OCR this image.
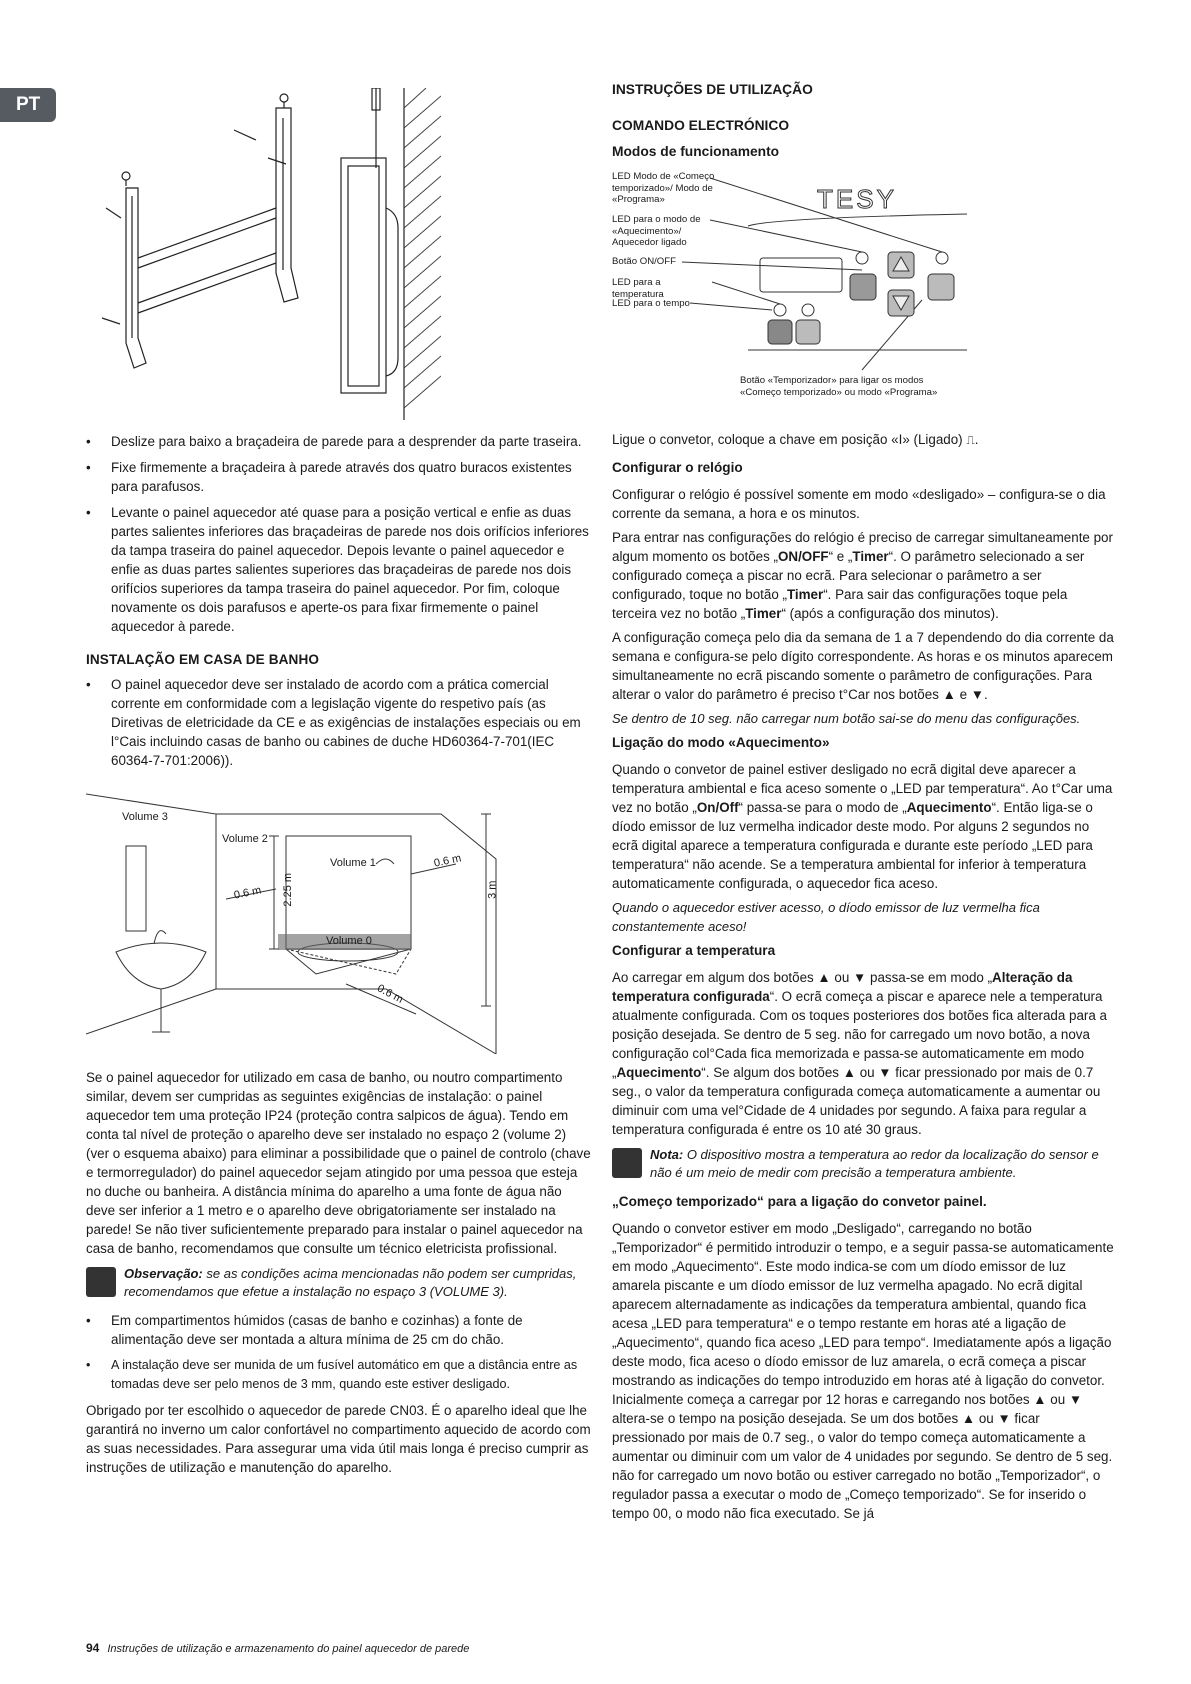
PT
TESY
LED Modo de «Começo temporizado»/ Modo de «Programa»
LED para o modo de «Aquecimento»/ Aquecedor ligado
Botão ON/OFF
LED para a temperatura
LED para o tempo
Botão «Temporizador» para ligar os modos «Começo temporizado» ou modo «Programa»
INSTRUÇÕES DE UTILIZAÇÃO
COMANDO ELECTRÓNICO
Modos de funcionamento
• Deslize para baixo a braçadeira de parede para a desprender da parte traseira.
• Fixe firmemente a braçadeira à parede através dos quatro buracos existentes para parafusos.
• Levante o painel aquecedor até quase para a posição vertical e enfie as duas partes salientes inferiores das braçadeiras de parede nos dois orifícios inferiores da tampa traseira do painel aquecedor. Depois levante o painel aquecedor e enfie as duas partes salientes superiores das braçadeiras de parede nos dois orifícios superiores da tampa traseira do painel aquecedor. Por fim, coloque novamente os dois parafusos e aperte-os para fixar firmemente o painel aquecedor à parede.
INSTALAÇÃO EM CASA DE BANHO
• O painel aquecedor deve ser instalado de acordo com a prática comercial corrente em conformidade com a legislação vigente do respetivo país (as Diretivas de eletricidade da CE e as exigências de instalações especiais ou em l°Cais incluindo casas de banho ou cabines de duche HD60364-7-701(IEC 60364-7-701:2006)).
Volume 3
Volume 2
Volume 1
Volume 0
0.6 m
0.6 m
0.6 m
2.25 m	3 m

Se o painel aquecedor for utilizado em casa de banho, ou noutro compartimento similar, devem ser cumpridas as seguintes exigências de instalação: o painel aquecedor tem uma proteção IP24 (proteção contra salpicos de água). Tendo em conta tal nível de proteção o aparelho deve ser instalado no espaço 2 (volume 2) (ver o esquema abaixo) para eliminar a possibilidade que o painel de controlo (chave e termorregulador) do painel aquecedor sejam atingido por uma pessoa que esteja no duche ou banheira. A distância mínima do aparelho a uma fonte de água não deve ser inferior a 1 metro e o aparelho deve obrigatoriamente ser instalado na parede! Se não tiver suficientemente preparado para instalar o painel aquecedor na casa de banho, recomendamos que consulte um técnico eletricista profissional.

Observação: se as condições acima mencionadas não podem ser cumpridas, recomendamos que efetue a instalação no espaço 3 (VOLUME 3).
• Em compartimentos húmidos (casas de banho e cozinhas) a fonte de alimentação deve ser montada a altura mínima de 25 cm do chão.
• A instalação deve ser munida de um fusível automático em que a distância entre as tomadas deve ser pelo menos de 3 mm, quando este estiver desligado.

Obrigado por ter escolhido o aquecedor de parede CN03. É o aparelho ideal que lhe garantirá no inverno um calor confortável no compartimento aquecido de acordo com as suas necessidades. Para assegurar uma vida útil mais longa é preciso cumprir as instruções de utilização e manutenção do aparelho.

Ligue o convetor, coloque a chave em posição «I» (Ligado) ⎍.

Configurar o relógio

Configurar o relógio é possível somente em modo «desligado» – configura-se o dia corrente da semana, a hora e os minutos.

Para entrar nas configurações do relógio é preciso de carregar simultaneamente por algum momento os botões „ON/OFF“ e „Timer“. O parâmetro selecionado a ser configurado começa a piscar no ecrã. Para selecionar o parâmetro a ser configurado, toque no botão „Timer“. Para sair das configurações toque pela terceira vez no botão „Timer“ (após a configuração dos minutos).

A configuração começa pelo dia da semana de 1 a 7 dependendo do dia corrente da semana e configura-se pelo dígito correspondente. As horas e os minutos aparecem simultaneamente no ecrã piscando somente o parâmetro de configurações. Para alterar o valor do parâmetro é preciso t°Car nos botões ▲ e ▼.

Se dentro de 10 seg. não carregar num botão sai-se do menu das configurações.

Ligação do modo «Aquecimento»

Quando o convetor de painel estiver desligado no ecrã digital deve aparecer a temperatura ambiental e fica aceso somente o „LED par temperatura“. Ao t°Car uma vez no botão „On/Off“ passa-se para o modo de „Aquecimento“. Então liga-se o díodo emissor de luz vermelha indicador deste modo. Por alguns 2 segundos no ecrã digital aparece a temperatura configurada e durante este período „LED para temperatura“ não acende. Se a temperatura ambiental for inferior à temperatura automaticamente configurada, o aquecedor fica aceso.

Quando o aquecedor estiver acesso, o díodo emissor de luz vermelha fica constantemente aceso!

Configurar a temperatura

Ao carregar em algum dos botões ▲ ou ▼ passa-se em modo „Alteração da temperatura configurada“. O ecrã começa a piscar e aparece nele a temperatura atualmente configurada. Com os toques posteriores dos botões fica alterada para a posição desejada. Se dentro de 5 seg. não for carregado um novo botão, a nova configuração col°Cada fica memorizada e passa-se automaticamente em modo „Aquecimento“. Se algum dos botões ▲ ou ▼ ficar pressionado por mais de 0.7 seg., o valor da temperatura configurada começa automaticamente a aumentar ou diminuir com uma vel°Cidade de 4 unidades por segundo. A faixa para regular a temperatura configurada é entre os 10 até 30 graus.

Nota: O dispositivo mostra a temperatura ao redor da localização do sensor e não é um meio de medir com precisão a temperatura ambiente.
„Começo temporizado“ para a ligação do convetor painel.

Quando o convetor estiver em modo „Desligado“, carregando no botão „Temporizador“ é permitido introduzir o tempo, e a seguir passa-se automaticamente em modo „Aquecimento“. Este modo indica-se com um díodo emissor de luz amarela piscante e um díodo emissor de luz vermelha apagado. No ecrã digital aparecem alternadamente as indicações da temperatura ambiental, quando fica acesa „LED para temperatura“ e o tempo restante em horas até a ligação de „Aquecimento“, quando fica aceso „LED para tempo“. Imediatamente após a ligação deste modo, fica aceso o díodo emissor de luz amarela, o ecrã começa a piscar mostrando as indicações do tempo introduzido em horas até à ligação do convetor. Inicialmente começa a carregar por 12 horas e carregando nos botões ▲ ou ▼ altera-se o tempo na posição desejada. Se um dos botões ▲ ou ▼ ficar pressionado por mais de 0.7 seg., o valor do tempo começa automaticamente a aumentar ou diminuir com um valor de 4 unidades por segundo. Se dentro de 5 seg. não for carregado um novo botão ou estiver carregado no botão „Temporizador“, o regulador passa a executar o modo de „Começo temporizado“. Se for inserido o tempo 00, o modo não fica executado. Se já

94 Instruções de utilização e armazenamento do painel aquecedor de parede
